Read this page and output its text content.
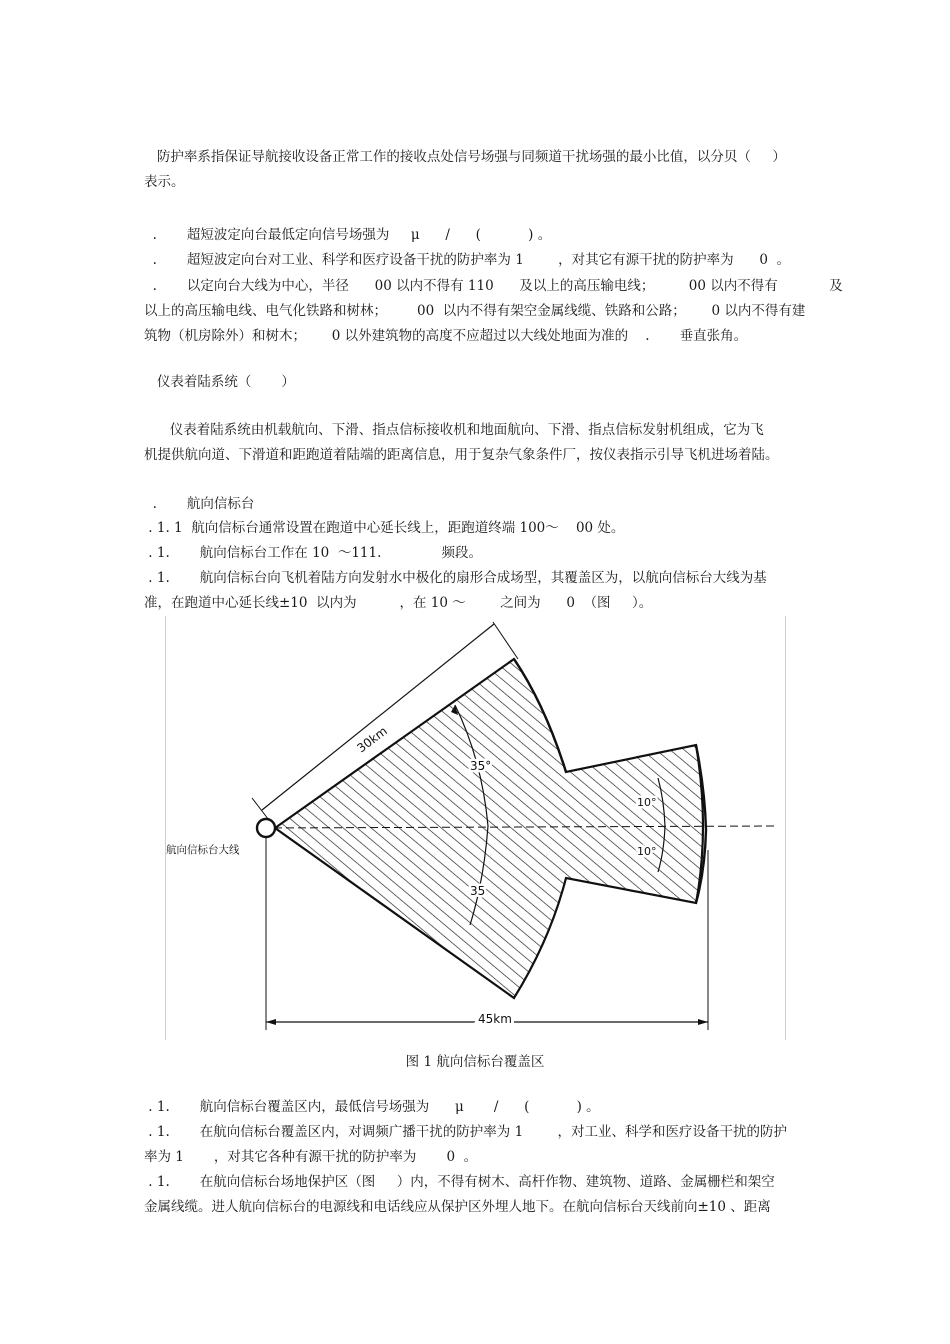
防护率系指保证导航接收设备正常工作的接收点处信号场强与同频道干扰场强的最小比值，以分贝（     ）
表示。
.       超短波定向台最低定向信号场强为     μ      /      (           ) 。
.       超短波定向台对工业、科学和医疗设备干扰的防护率为 1        ，对其它有源干扰的防护率为      0  。
.       以定向台大线为中心，半径      00 以内不得有 110      及以上的高压输电线；        00 以内不得有            及
以上的高压输电线、电气化铁路和树林；       00  以内不得有架空金属线缆、铁路和公路；      0 以内不得有建
筑物（机房除外）和树木；      0 以外建筑物的高度不应超过以大线处地面为准的    .       垂直张角。
仪表着陆系统（       ）
仪表着陆系统由机载航向、下滑、指点信标接收机和地面航向、下滑、指点信标发射机组成，它为飞
机提供航向道、下滑道和距跑道着陆端的距离信息，用于复杂气象条件厂，按仪表指示引导飞机进场着陆。
.       航向信标台
. 1. 1  航向信标台通常设置在跑道中心延长线上，距跑道终端 100～    00 处。
. 1.       航向信标台工作在 10  ～111.              频段。
. 1.       航向信标台向飞机着陆方向发射水中极化的扇形合成场型，其覆盖区为，以航向信标台大线为基
准，在跑道中心延长线±10  以内为          ，在 10 ～        之间为      0  （图     ）。
30km
45km
35°
35
10°
10°
航向信标台大线
图 1 航向信标台覆盖区
. 1.       航向信标台覆盖区内，最低信号场强为      μ       /      (           ) 。
. 1.       在航向信标台覆盖区内，对调频广播干扰的防护率为 1        ，对工业、科学和医疗设备干扰的防护
率为 1       ，对其它各种有源干扰的防护率为       0  。
. 1.       在航向信标台场地保护区（图     ）内，不得有树木、高杆作物、建筑物、道路、金属栅栏和架空
金属线缆。进人航向信标台的电源线和电话线应从保护区外埋人地下。在航向信标台天线前向±10 、距离
